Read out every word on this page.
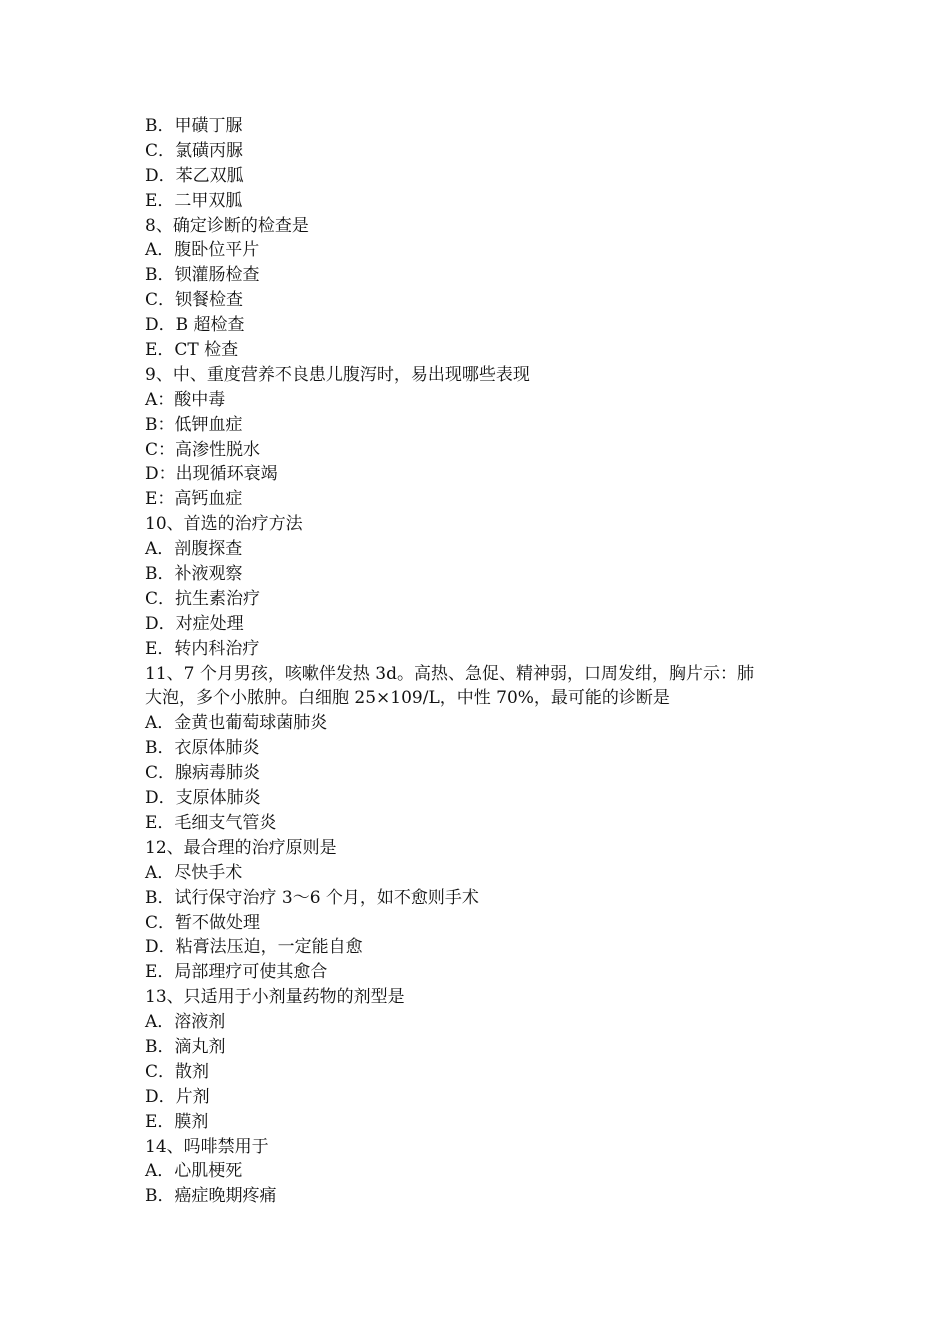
B．甲磺丁脲
C．氯磺丙脲
D．苯乙双胍
E．二甲双胍
8、确定诊断的检查是
A．腹卧位平片
B．钡灌肠检查
C．钡餐检查
D．B 超检查
E．CT 检查
9、中、重度营养不良患儿腹泻时，易出现哪些表现
A：酸中毒
B：低钾血症
C：高渗性脱水
D：出现循环衰竭
E：高钙血症
10、首选的治疗方法
A．剖腹探查
B．补液观察
C．抗生素治疗
D．对症处理
E．转内科治疗
11、7 个月男孩，咳嗽伴发热 3d。高热、急促、精神弱，口周发绀，胸片示：肺
大泡，多个小脓肿。白细胞 25×109/L，中性 70%，最可能的诊断是
A．金黄也葡萄球菌肺炎
B．衣原体肺炎
C．腺病毒肺炎
D．支原体肺炎
E．毛细支气管炎
12、最合理的治疗原则是
A．尽快手术
B．试行保守治疗 3～6 个月，如不愈则手术
C．暂不做处理
D．粘膏法压迫，一定能自愈
E．局部理疗可使其愈合
13、只适用于小剂量药物的剂型是
A．溶液剂
B．滴丸剂
C．散剂
D．片剂
E．膜剂
14、吗啡禁用于
A．心肌梗死
B．癌症晚期疼痛
